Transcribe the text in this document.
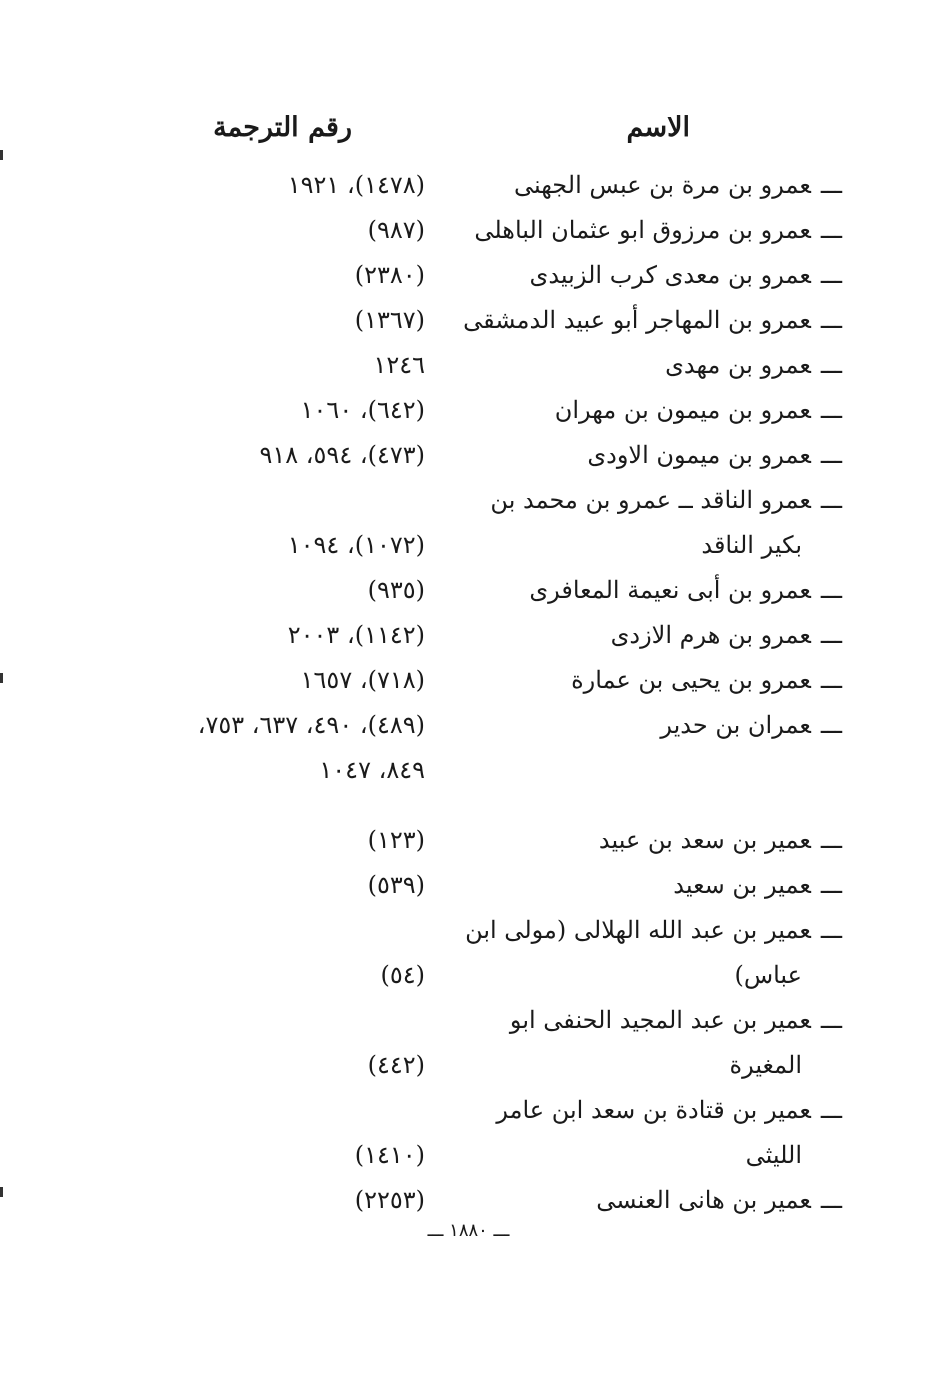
الاسم
رقم الترجمة
ـــعمرو بن مرة بن عبس الجهنى
(١٤٧٨)، ١٩٢١
ـــعمرو بن مرزوق ابو عثمان الباهلى
(٩٨٧)
ـــعمرو بن معدى كرب الزبيدى
(٢٣٨٠)
ـــعمرو بن المهاجر أبو عبيد الدمشقى
(١٣٦٧)
ـــعمرو بن مهدى
١٢٤٦
ـــعمرو بن ميمون بن مهران
(٦٤٢)، ١٠٦٠
ـــعمرو بن ميمون الاودى
(٤٧٣)، ٥٩٤، ٩١٨
ـــعمرو الناقد ــ عمرو بن محمد بن
بكير الناقد
(١٠٧٢)، ١٠٩٤
ـــعمرو بن أبى نعيمة المعافرى
(٩٣٥)
ـــعمرو بن هرم الازدى
(١١٤٢)، ٢٠٠٣
ـــعمرو بن يحيى بن عمارة
(٧١٨)، ١٦٥٧
ـــعمران بن حدير
(٤٨٩)، ٤٩٠، ٦٣٧، ٧٥٣،
٨٤٩، ١٠٤٧
ـــعمير بن سعد بن عبيد
(١٢٣)
ـــعمير بن سعيد
(٥٣٩)
ـــعمير بن عبد الله الهلالى (مولى ابن
عباس)
(٥٤)
ـــعمير بن عبد المجيد الحنفى ابو
المغيرة
(٤٤٢)
ـــعمير بن قتادة بن سعد ابن عامر
الليثى
(١٤١٠)
ـــعمير بن هانى العنسى
(٢٢٥٣)
ـــ ١٨٨٠ ـــ
